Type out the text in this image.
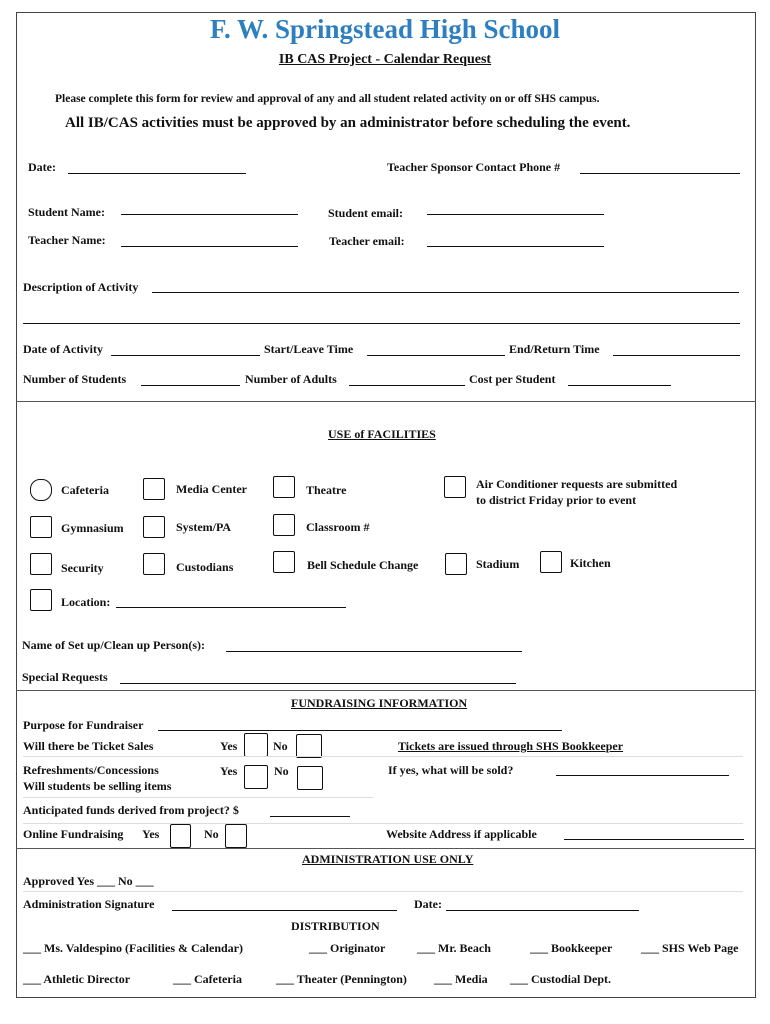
F. W. Springstead High School
IB CAS Project - Calendar Request
Please complete this form for review and approval of any and all student related activity on or off SHS campus.
All IB/CAS activities must be approved by an administrator before scheduling the event.
Date:	Teacher Sponsor Contact Phone #
Student Name:	Student email:
Teacher Name:	Teacher email:
Description of Activity
Date of Activity	Start/Leave Time	End/Return Time
Number of Students	Number of Adults	Cost per Student
USE of FACILITIES
Cafeteria	Media Center	Theatre	Air Conditioner requests are submitted
to district Friday prior to event
Gymnasium	System/PA	Classroom #
Security	Custodians	Bell Schedule Change	Stadium	Kitchen
Location:
Name of Set up/Clean up Person(s):
Special Requests
FUNDRAISING INFORMATION
Purpose for Fundraiser
Will there be Ticket Sales	Yes	No	Tickets are issued through SHS Bookkeeper
Refreshments/Concessions
Will students be selling items
Yes	No	If yes, what will be sold?
Anticipated funds derived from project? $
Online Fundraising Yes	No	Website Address if applicable
ADMINISTRATION USE ONLY
Approved Yes ___ No ___
Administration Signature	Date:
DISTRIBUTION
___ Ms. Valdespino (Facilities & Calendar)	___ Originator	___ Mr. Beach	___ Bookkeeper ___ SHS Web Page
___ Athletic Director	___ Cafeteria	___ Theater (Pennington) ___ Media ___ Custodial Dept.
